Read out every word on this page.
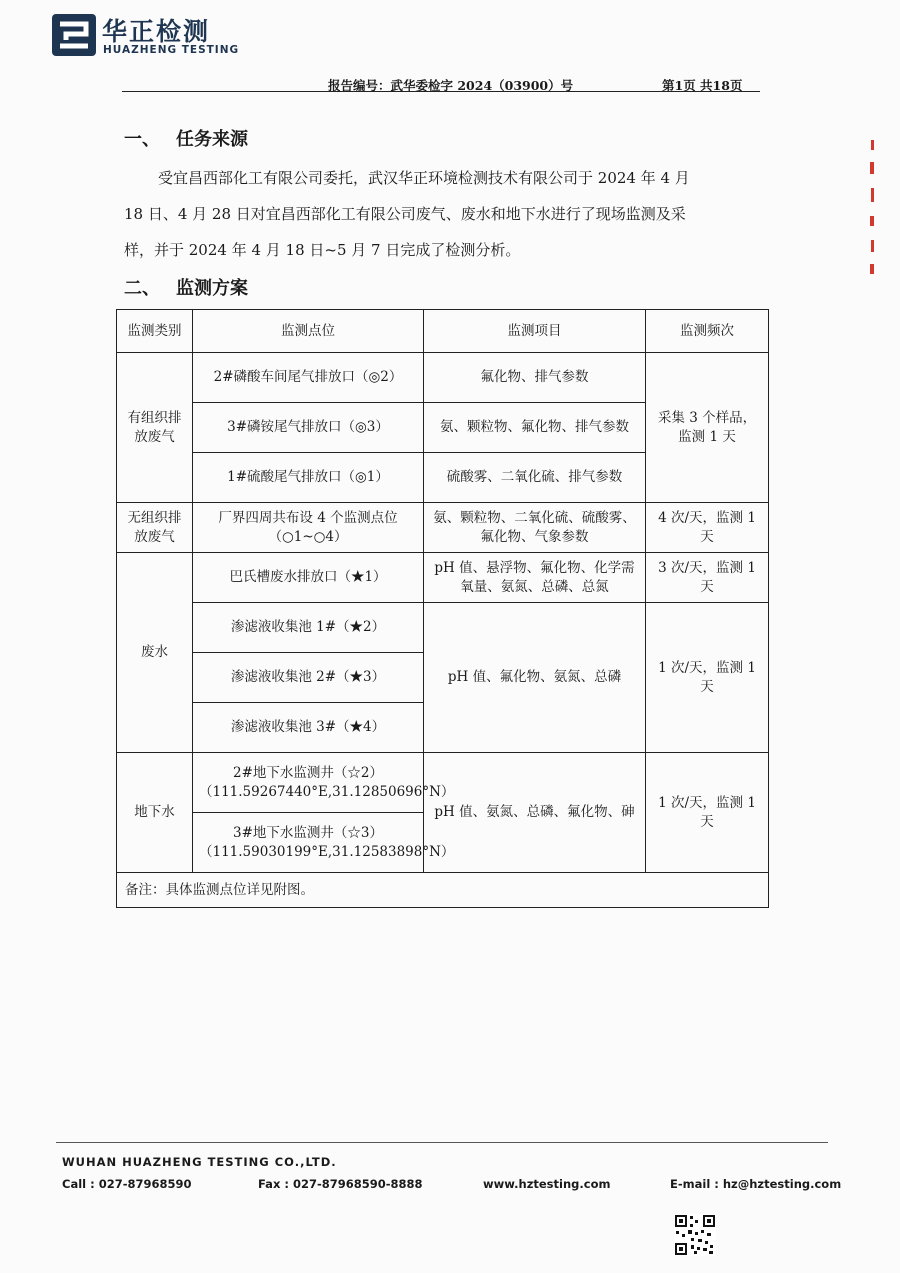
华正检测
HUAZHENG TESTING
报告编号：武华委检字 2024（03900）号	第1页 共18页
一、 任务来源
受宜昌西部化工有限公司委托，武汉华正环境检测技术有限公司于 2024 年 4 月
18 日、4 月 28 日对宜昌西部化工有限公司废气、废水和地下水进行了现场监测及采
样，并于 2024 年 4 月 18 日~5 月 7 日完成了检测分析。
二、 监测方案
监测类别	监测点位	监测项目	监测频次
有组织排放废气	2#磷酸车间尾气排放口（◎2）	氟化物、排气参数	采集 3 个样品，监测 1 天
	3#磷铵尾气排放口（◎3）	氨、颗粒物、氟化物、排气参数	
	1#硫酸尾气排放口（◎1）	硫酸雾、二氧化硫、排气参数	
无组织排放废气	厂界四周共布设 4 个监测点位（○1~○4）	氨、颗粒物、二氧化硫、硫酸雾、氟化物、气象参数	4 次/天，监测 1 天
废水	巴氏槽废水排放口（★1）	pH 值、悬浮物、氟化物、化学需氧量、氨氮、总磷、总氮	3 次/天，监测 1 天
	渗滤液收集池 1#（★2）	pH 值、氟化物、氨氮、总磷	1 次/天，监测 1 天
	渗滤液收集池 2#（★3）		
	渗滤液收集池 3#（★4）		
地下水	2#地下水监测井（☆2）（111.59267440°E,31.12850696°N）	pH 值、氨氮、总磷、氟化物、砷	1 次/天，监测 1 天
	3#地下水监测井（☆3）（111.59030199°E,31.12583898°N）		
备注：具体监测点位详见附图。			
WUHAN HUAZHENG TESTING CO.,LTD.
Call : 027-87968590	Fax : 027-87968590-8888	www.hztesting.com	E-mail : hz@hztesting.com
